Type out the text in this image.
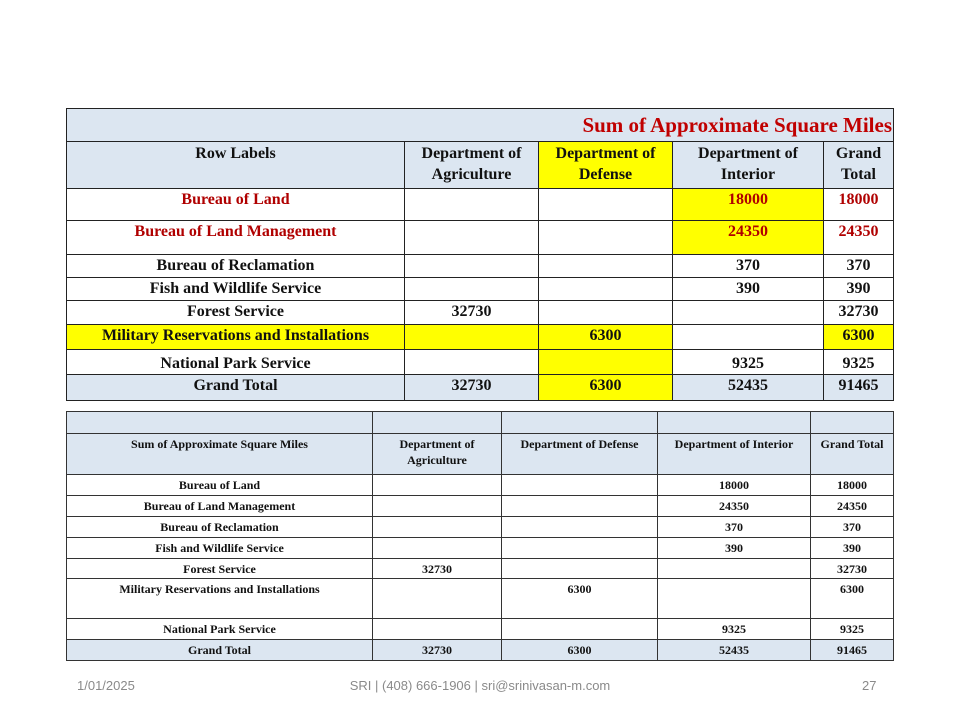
Sum of Approximate Square Miles				
Row Labels	Department of Agriculture	Department of Defense	Department of Interior	Grand Total
Bureau of Land			18000	18000
Bureau of Land Management			24350	24350
Bureau of Reclamation			370	370
Fish and Wildlife Service			390	390
Forest Service	32730			32730
Military Reservations and Installations		6300		6300
National Park Service			9325	9325
Grand Total	32730	6300	52435	91465

Sum of Approximate Square Miles	Department of Agriculture	Department of Defense	Department of Interior	Grand Total
Bureau of Land			18000	18000
Bureau of Land Management			24350	24350
Bureau of Reclamation			370	370
Fish and Wildlife Service			390	390
Forest Service	32730			32730
Military Reservations and Installations		6300		6300
National Park Service			9325	9325
Grand Total	32730	6300	52435	91465
1/01/2025	SRI | (408) 666-1906 | sri@srinivasan-m.com	27
